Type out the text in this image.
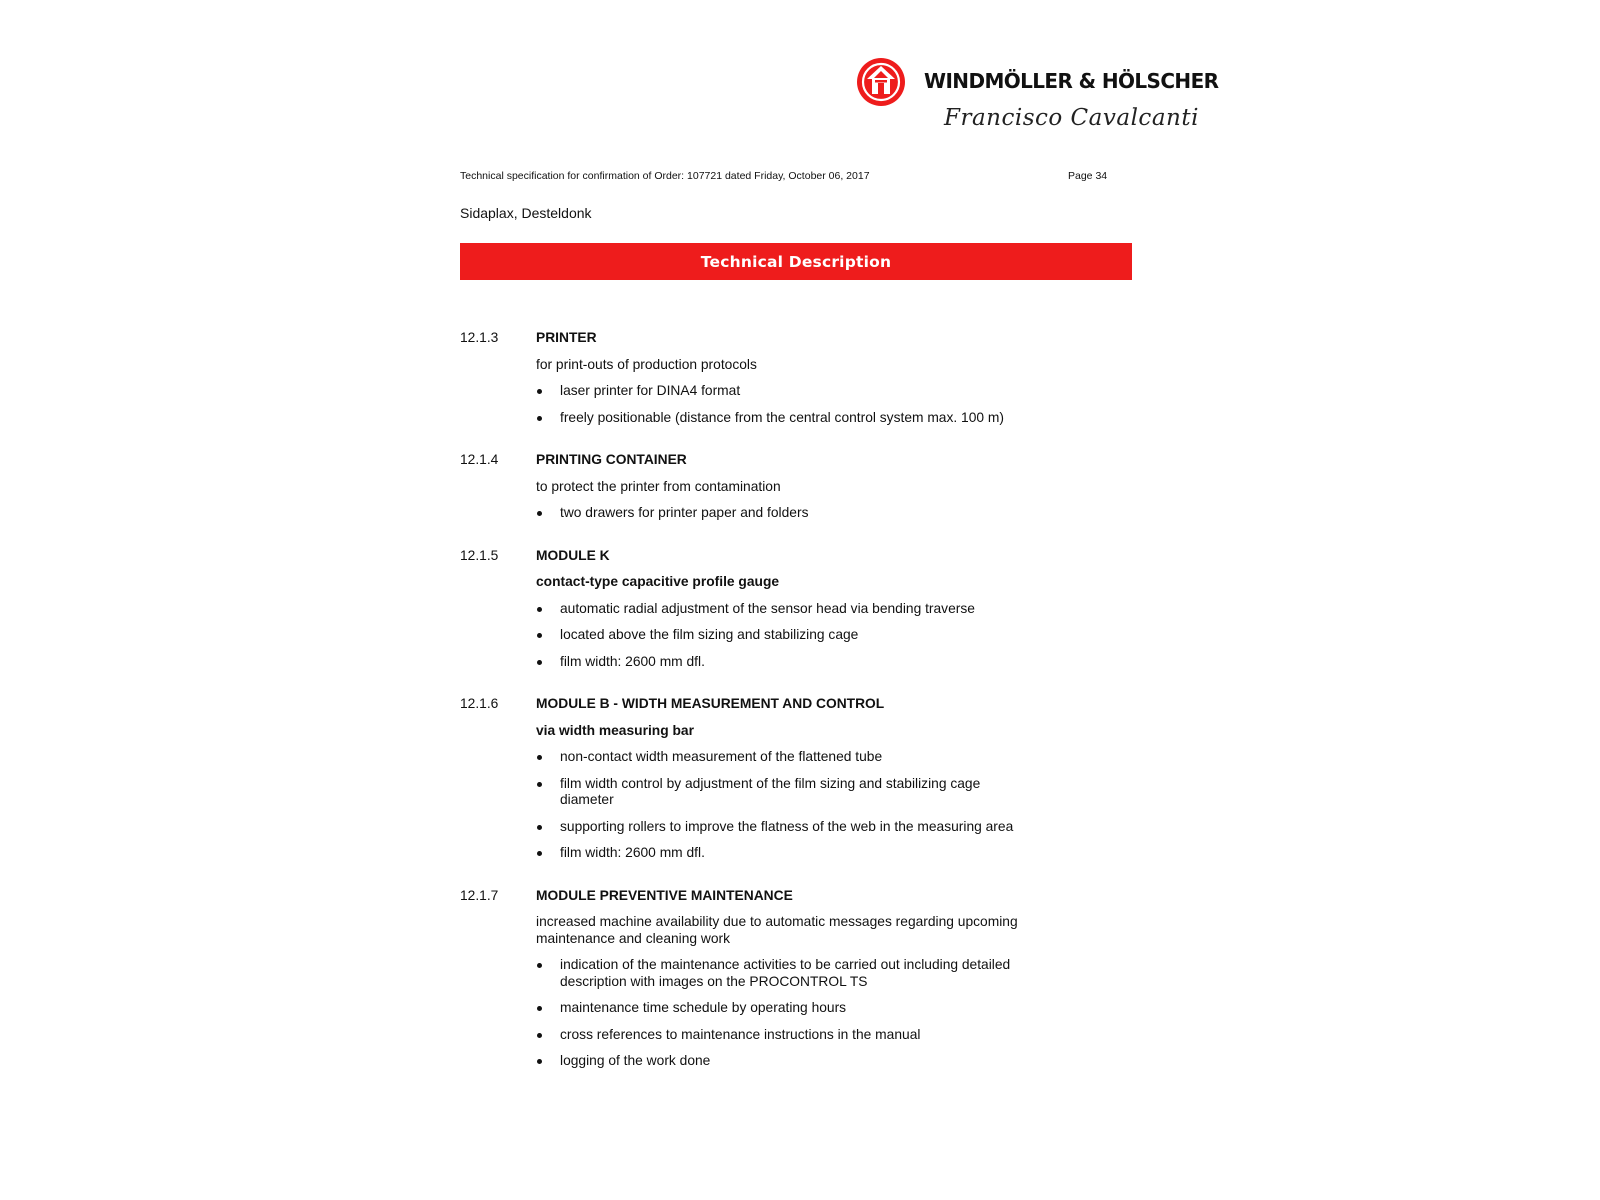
WINDMÖLLER & HÖLSCHER
Francisco Cavalcanti
Technical specification for confirmation of Order: 107721 dated Friday, October 06, 2017	Page 34
Sidaplax, Desteldonk
Technical Description
12.1.3	PRINTER
for print-outs of production protocols
laser printer for DINA4 format
freely positionable (distance from the central control system max. 100 m)
12.1.4	PRINTING CONTAINER
to protect the printer from contamination
two drawers for printer paper and folders
12.1.5	MODULE K
contact-type capacitive profile gauge
automatic radial adjustment of the sensor head via bending traverse
located above the film sizing and stabilizing cage
film width: 2600 mm dfl.
12.1.6	MODULE B - WIDTH MEASUREMENT AND CONTROL
via width measuring bar
non-contact width measurement of the flattened tube
film width control by adjustment of the film sizing and stabilizing cage diameter
supporting rollers to improve the flatness of the web in the measuring area
film width: 2600 mm dfl.
12.1.7	MODULE PREVENTIVE MAINTENANCE
increased machine availability due to automatic messages regarding upcoming maintenance and cleaning work
indication of the maintenance activities to be carried out including detailed description with images on the PROCONTROL TS
maintenance time schedule by operating hours
cross references to maintenance instructions in the manual
logging of the work done
